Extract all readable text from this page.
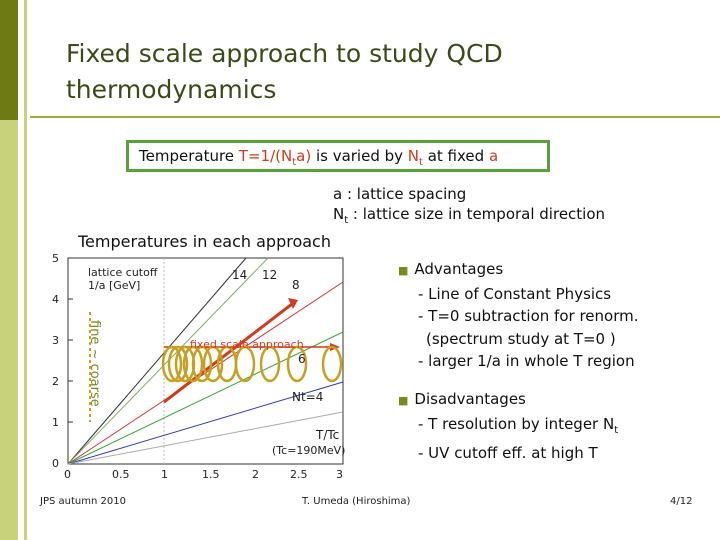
Fixed scale approach to study QCD
thermodynamics
Temperature $T=1/(N_ta)$ is varied by $N_t$ at fixed a
a : lattice spacing
$N_t$ : lattice size in temporal direction
Temperatures in each approach
5
4
3
2
1
0
0	0.5	1	1.5	2	2.5	3
lattice cutoff
1/a [GeV]
14 12
8
6
Nt=4
fixed scale approach
T/Tc
(Tc=190MeV)
fine ~ coarse
■ Advantages
- Line of Constant Physics
- T=0 subtraction for renorm.
(spectrum study at T=0 )
- larger 1/a in whole T region
■ Disadvantages
- T resolution by integer $N_t$
- UV cutoff eff. at high T
JPS autumn 2010	T. Umeda (Hiroshima)	4/12
